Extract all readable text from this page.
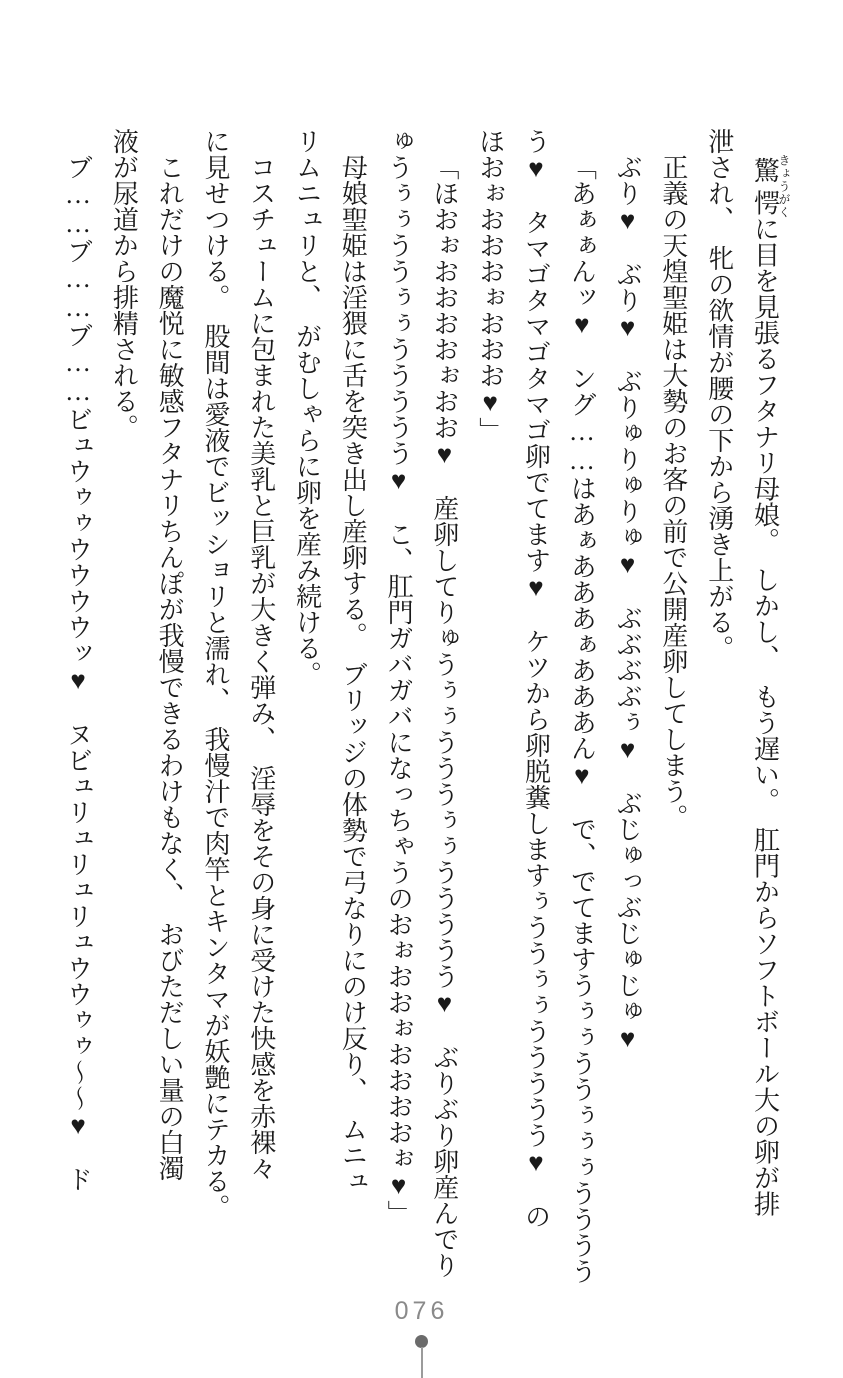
驚愕きょうがくに目を見張るフタナリ母娘。　しかし、　もう遅い。　肛門からソフトボール大の卵が排
泄され、　牝の欲情が腰の下から湧き上がる。
正義の天煌聖姫は大勢のお客の前で公開産卵してしまう。
ぶり♥　ぶり♥　ぶりゅりゅりゅ♥　ぶぶぶぶぅ♥　ぶじゅっぶじゅじゅ♥
「あぁぁんッ♥　ング……はあぁあああぁあああん♥　で、でてますうぅぅううぅぅぅうううう
う♥　タマゴタマゴタマゴ卵でてます♥　ケツから卵脱糞しますぅううぅぅううううう♥　の
ほおぉおおおぉおおお♥」
「ほおぉおおおおぉおお♥　産卵してりゅうぅぅうううぅぅううううう♥　ぶりぶり卵産んでり
ゅうぅぅううぅぅううううう♥　こ、肛門ガバガバになっちゃうのおぉおおぉおおおおぉ♥」
母娘聖姫は淫猥に舌を突き出し産卵する。　ブリッジの体勢で弓なりにのけ反り、　ムニュ
リムニュリと、　がむしゃらに卵を産み続ける。
コスチュームに包まれた美乳と巨乳が大きく弾み、　淫辱をその身に受けた快感を赤裸々
に見せつける。　股間は愛液でビッショリと濡れ、　我慢汁で肉竿とキンタマが妖艶にテカる。
これだけの魔悦に敏感フタナリちんぽが我慢できるわけもなく、　おびただしい量の白濁
液が尿道から排精される。
ブ……ブ……ブ……ビュウゥゥウウウウッ♥　ヌビュリュリュリュウウゥゥ～～♥　ド
076
